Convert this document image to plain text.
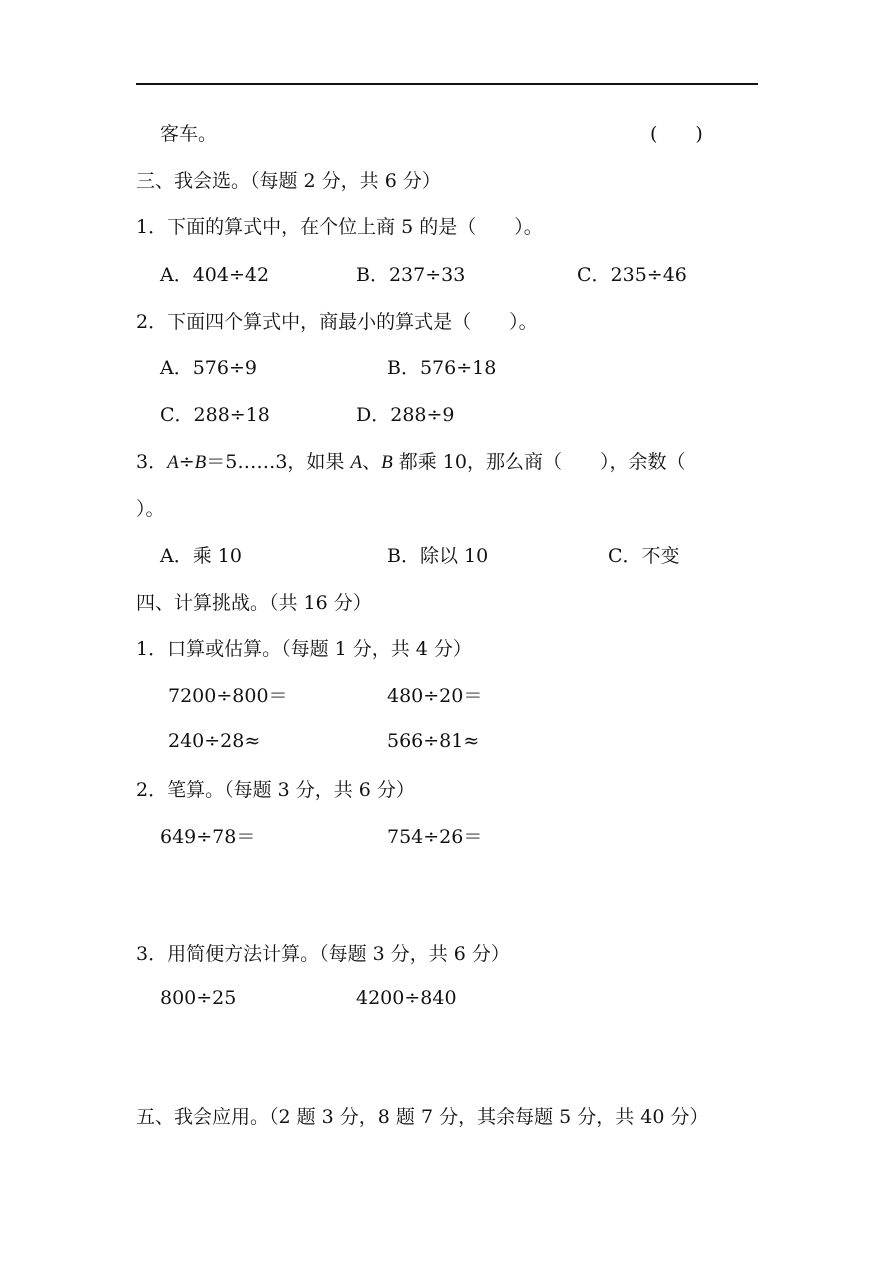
客车。	(　　)
三、我会选。（每题 2 分，共 6 分）
1．下面的算式中，在个位上商 5 的是（　　）。
A．404÷42	B．237÷33	C．235÷46
2．下面四个算式中，商最小的算式是（　　）。
A．576÷9	B．576÷18
C．288÷18	D．288÷9
3．A÷B＝5……3，如果 A、B 都乘 10，那么商（　　），余数（
）。
A．乘 10	B．除以 10	C．不变
四、计算挑战。（共 16 分）
1．口算或估算。（每题 1 分，共 4 分）
7200÷800＝	480÷20＝
240÷28≈	566÷81≈
2．笔算。（每题 3 分，共 6 分）
649÷78＝	754÷26＝
3．用简便方法计算。（每题 3 分，共 6 分）
800÷25	4200÷840
五、我会应用。（2 题 3 分，8 题 7 分，其余每题 5 分，共 40 分）
